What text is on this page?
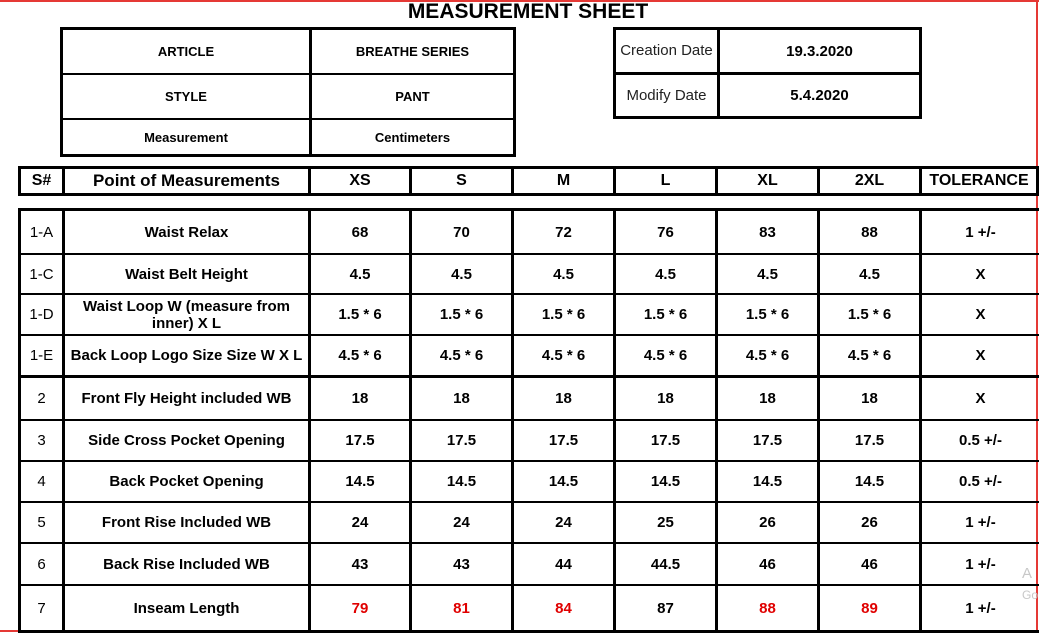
MEASUREMENT SHEET
ARTICLE	BREATHE SERIES
STYLE	PANT
Measurement	Centimeters
Creation Date	19.3.2020
Modify Date	5.4.2020
S#	Point of Measurements	XS	S	M	L	XL	2XL	TOLERANCE
1-A	Waist Relax	68	70	72	76	83	88	1 +/-
1-C	Waist Belt Height	4.5	4.5	4.5	4.5	4.5	4.5	X
1-D	Waist Loop W (measure from inner) X L	1.5 * 6	1.5 * 6	1.5 * 6	1.5 * 6	1.5 * 6	1.5 * 6	X
1-E	Back Loop Logo Size Size W X L	4.5 * 6	4.5 * 6	4.5 * 6	4.5 * 6	4.5 * 6	4.5 * 6	X
2	Front Fly Height included WB	18	18	18	18	18	18	X
3	Side Cross Pocket Opening	17.5	17.5	17.5	17.5	17.5	17.5	0.5 +/-
4	Back Pocket Opening	14.5	14.5	14.5	14.5	14.5	14.5	0.5 +/-
5	Front Rise Included WB	24	24	24	25	26	26	1 +/-
6	Back Rise Included WB	43	43	44	44.5	46	46	1 +/-
7	Inseam Length	79	81	84	87	88	89	1 +/-
A
Go
